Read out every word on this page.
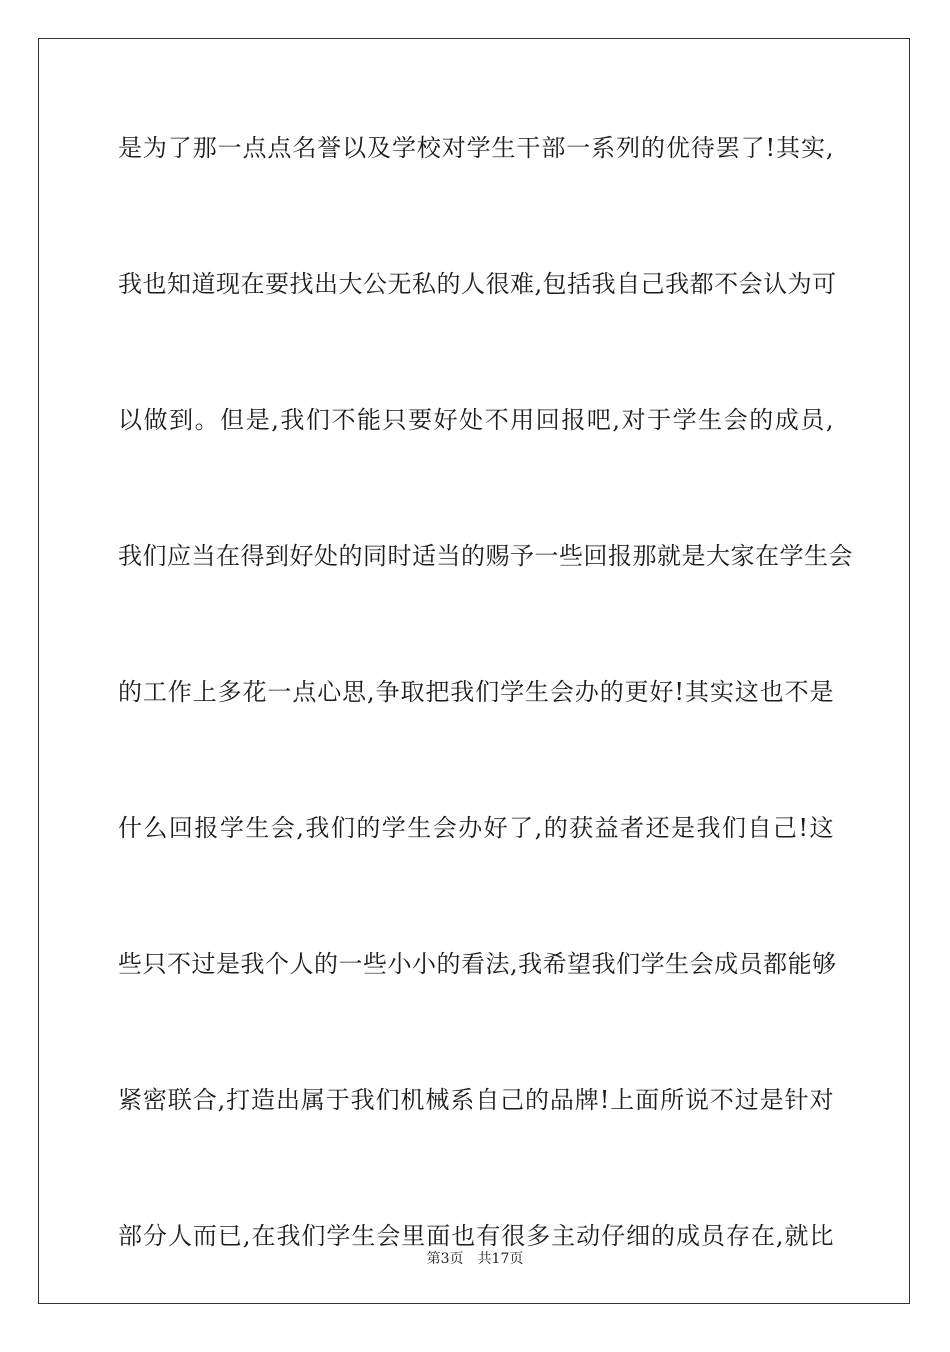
是为了那一点点名誉以及学校对学生干部一系列的优待罢了!其实,
我也知道现在要找出大公无私的人很难,包括我自己我都不会认为可
以做到。但是,我们不能只要好处不用回报吧,对于学生会的成员,
我们应当在得到好处的同时适当的赐予一些回报那就是大家在学生会
的工作上多花一点心思,争取把我们学生会办的更好!其实这也不是
什么回报学生会,我们的学生会办好了,的获益者还是我们自己!这
些只不过是我个人的一些小小的看法,我希望我们学生会成员都能够
紧密联合,打造出属于我们机械系自己的品牌!上面所说不过是针对
部分人而已,在我们学生会里面也有很多主动仔细的成员存在,就比
第3页 共17页
